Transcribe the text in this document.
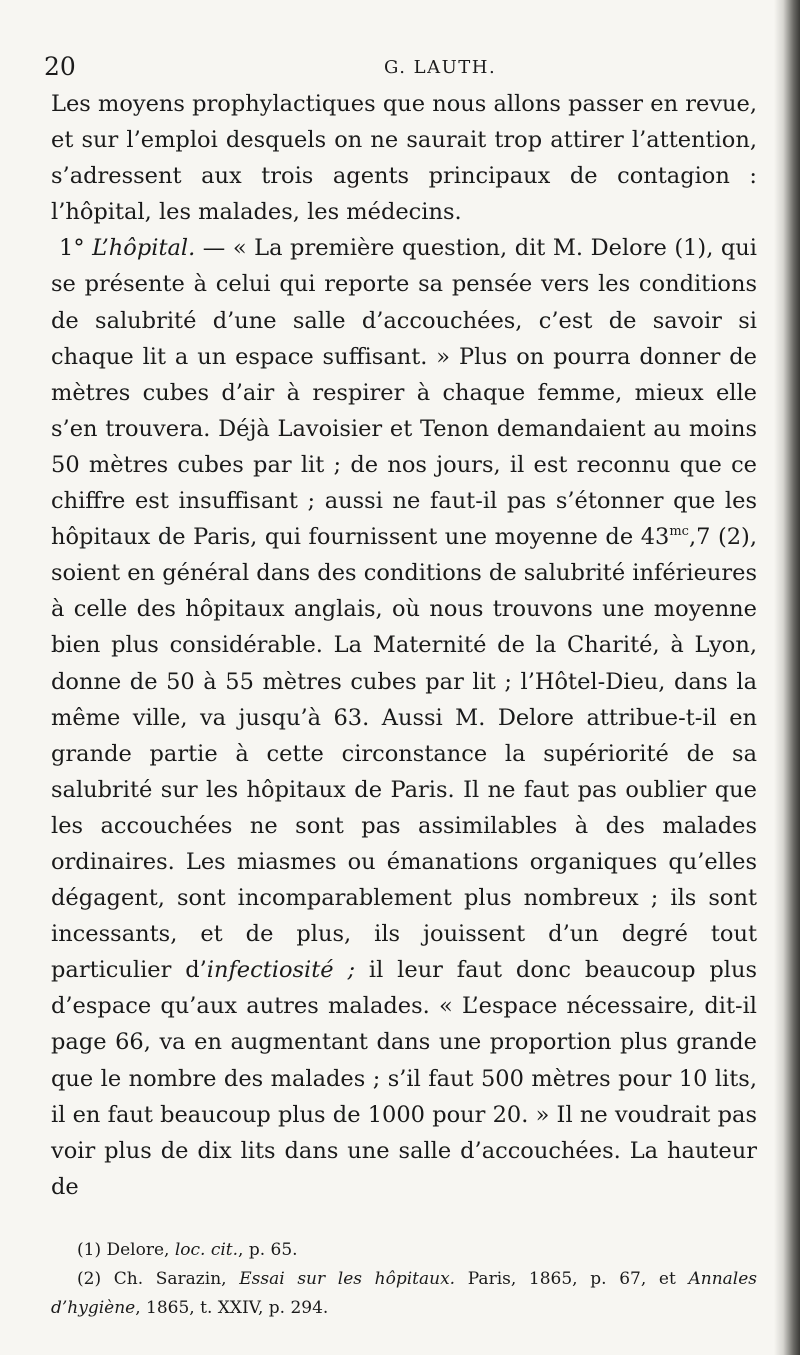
20	G. LAUTH.

Les moyens prophylactiques que nous allons passer en revue, et sur l’emploi desquels on ne saurait trop attirer l’attention, s’adressent aux trois agents principaux de contagion : l’hôpital, les malades, les médecins.

1° L’hôpital. — « La première question, dit M. Delore (1), qui se présente à celui qui reporte sa pensée vers les conditions de salubrité d’une salle d’accouchées, c’est de savoir si chaque lit a un espace suffisant. » Plus on pourra donner de mètres cubes d’air à respirer à chaque femme, mieux elle s’en trouvera. Déjà Lavoisier et Tenon demandaient au moins 50 mètres cubes par lit ; de nos jours, il est reconnu que ce chiffre est insuffisant ; aussi ne faut-il pas s’étonner que les hôpitaux de Paris, qui fournissent une moyenne de $43^{mc},7$ (2), soient en général dans des conditions de salubrité inférieures à celle des hôpitaux anglais, où nous trouvons une moyenne bien plus considérable. La Maternité de la Charité, à Lyon, donne de 50 à 55 mètres cubes par lit ; l’Hôtel-Dieu, dans la même ville, va jusqu’à 63. Aussi M. Delore attribue-t-il en grande partie à cette circonstance la supériorité de sa salubrité sur les hôpitaux de Paris. Il ne faut pas oublier que les accouchées ne sont pas assimilables à des malades ordinaires. Les miasmes ou émanations organiques qu’elles dégagent, sont incomparablement plus nombreux ; ils sont incessants, et de plus, ils jouissent d’un degré tout particulier d’infectiosité ; il leur faut donc beaucoup plus d’espace qu’aux autres malades. « L’espace nécessaire, dit-il page 66, va en augmentant dans une proportion plus grande que le nombre des malades ; s’il faut 500 mètres pour 10 lits, il en faut beaucoup plus de 1000 pour 20. » Il ne voudrait pas voir plus de dix lits dans une salle d’accouchées. La hauteur de

(1) Delore, loc. cit., p. 65.

(2) Ch. Sarazin, Essai sur les hôpitaux. Paris, 1865, p. 67, et Annales d’hygiène, 1865, t. XXIV, p. 294.
